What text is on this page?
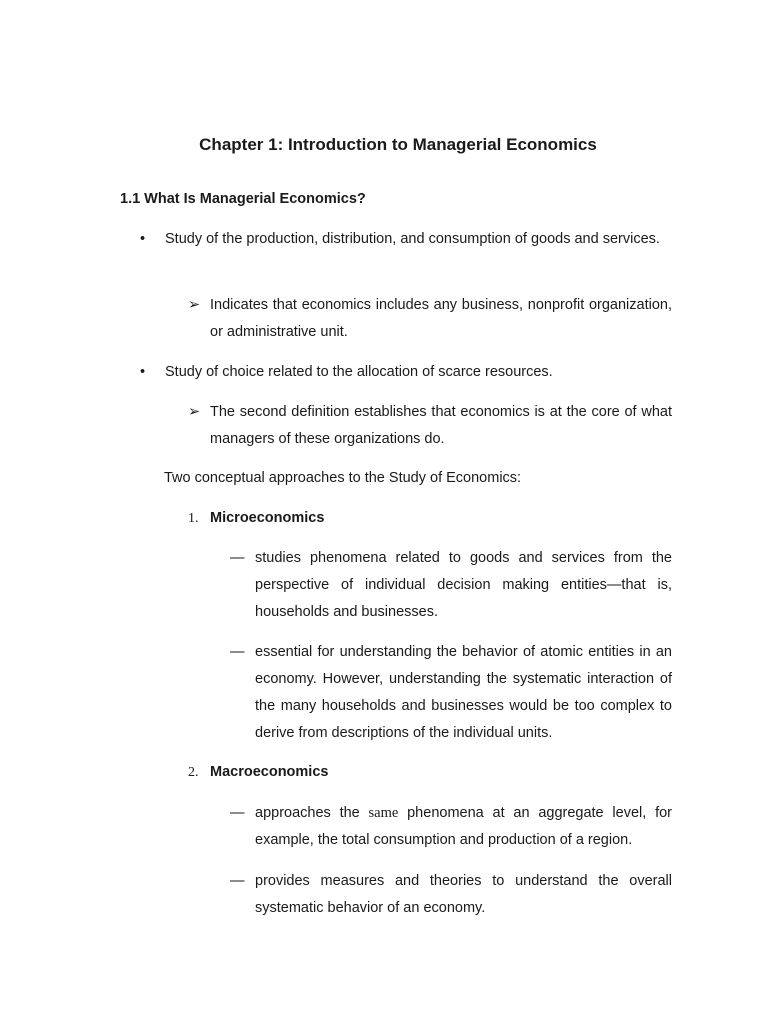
Chapter 1: Introduction to Managerial Economics
1.1 What Is Managerial Economics?
• Study of the production, distribution, and consumption of goods and services.

➢ Indicates that economics includes any business, nonprofit organization, or administrative unit.

• Study of choice related to the allocation of scarce resources.

➢ The second definition establishes that economics is at the core of what managers of these organizations do.

Two conceptual approaches to the Study of Economics:

1. Microeconomics
— studies phenomena related to goods and services from the perspective of individual decision making entities—that is, households and businesses.

— essential for understanding the behavior of atomic entities in an economy. However, understanding the systematic interaction of the many households and businesses would be too complex to derive from descriptions of the individual units.

2. Macroeconomics
— approaches the same phenomena at an aggregate level, for example, the total consumption and production of a region.

— provides measures and theories to understand the overall systematic behavior of an economy.
